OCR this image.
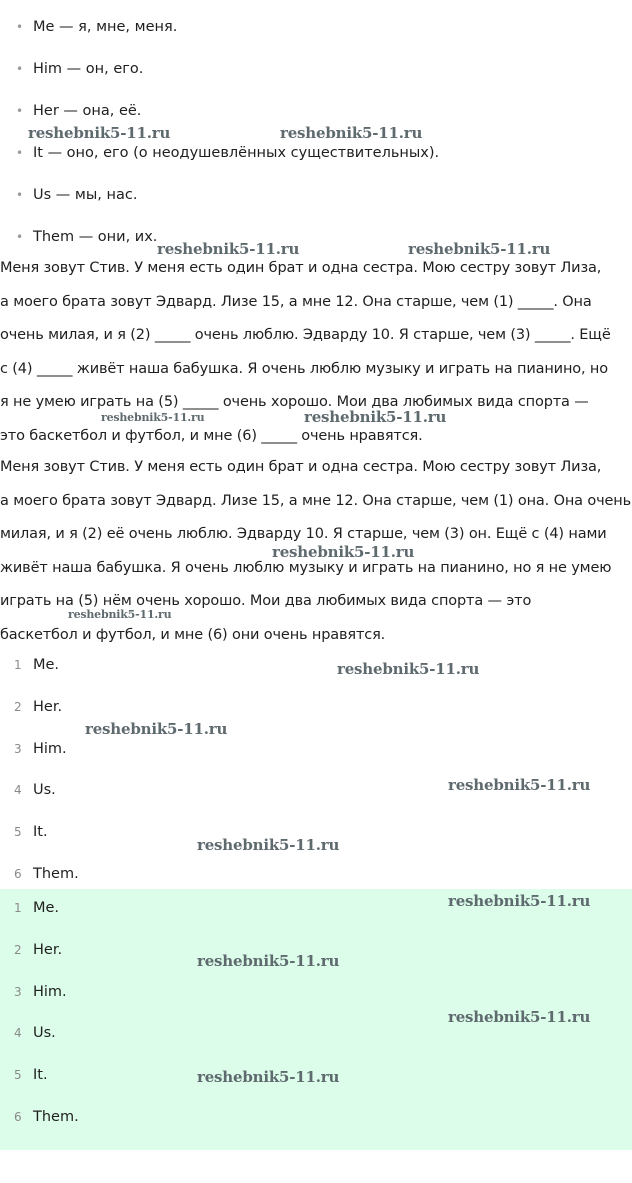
• Me — я, мне, меня.
• Him — он, его.
• Her — она, её.
• It — оно, его (о неодушевлённых существительных).
• Us — мы, нас.
• Them — они, их.
Меня зовут Стив. У меня есть один брат и одна сестра. Мою сестру зовут Лиза,
а моего брата зовут Эдвард. Лизе 15, а мне 12. Она старше, чем (1) _____. Она
очень милая, и я (2) _____ очень люблю. Эдварду 10. Я старше, чем (3) _____. Ещё
с (4) _____ живёт наша бабушка. Я очень люблю музыку и играть на пианино, но
я не умею играть на (5) _____ очень хорошо. Мои два любимых вида спорта —
это баскетбол и футбол, и мне (6) _____ очень нравятся.
Меня зовут Стив. У меня есть один брат и одна сестра. Мою сестру зовут Лиза,
а моего брата зовут Эдвард. Лизе 15, а мне 12. Она старше, чем (1) она. Она очень
милая, и я (2) её очень люблю. Эдварду 10. Я старше, чем (3) он. Ещё с (4) нами
живёт наша бабушка. Я очень люблю музыку и играть на пианино, но я не умею
играть на (5) нём очень хорошо. Мои два любимых вида спорта — это
баскетбол и футбол, и мне (6) они очень нравятся.
1 Me.
2 Her.
3 Him.
4 Us.
5 It.
6 Them.
1 Me.
2 Her.
3 Him.
4 Us.
5 It.
6 Them.
reshebnik5-11.ru	reshebnik5-11.ru
reshebnik5-11.ru	reshebnik5-11.ru
reshebnik5-11.ru	reshebnik5-11.ru
reshebnik5-11.ru
reshebnik5-11.ru
reshebnik5-11.ru
reshebnik5-11.ru
reshebnik5-11.ru
reshebnik5-11.ru
reshebnik5-11.ru
reshebnik5-11.ru
reshebnik5-11.ru
reshebnik5-11.ru
